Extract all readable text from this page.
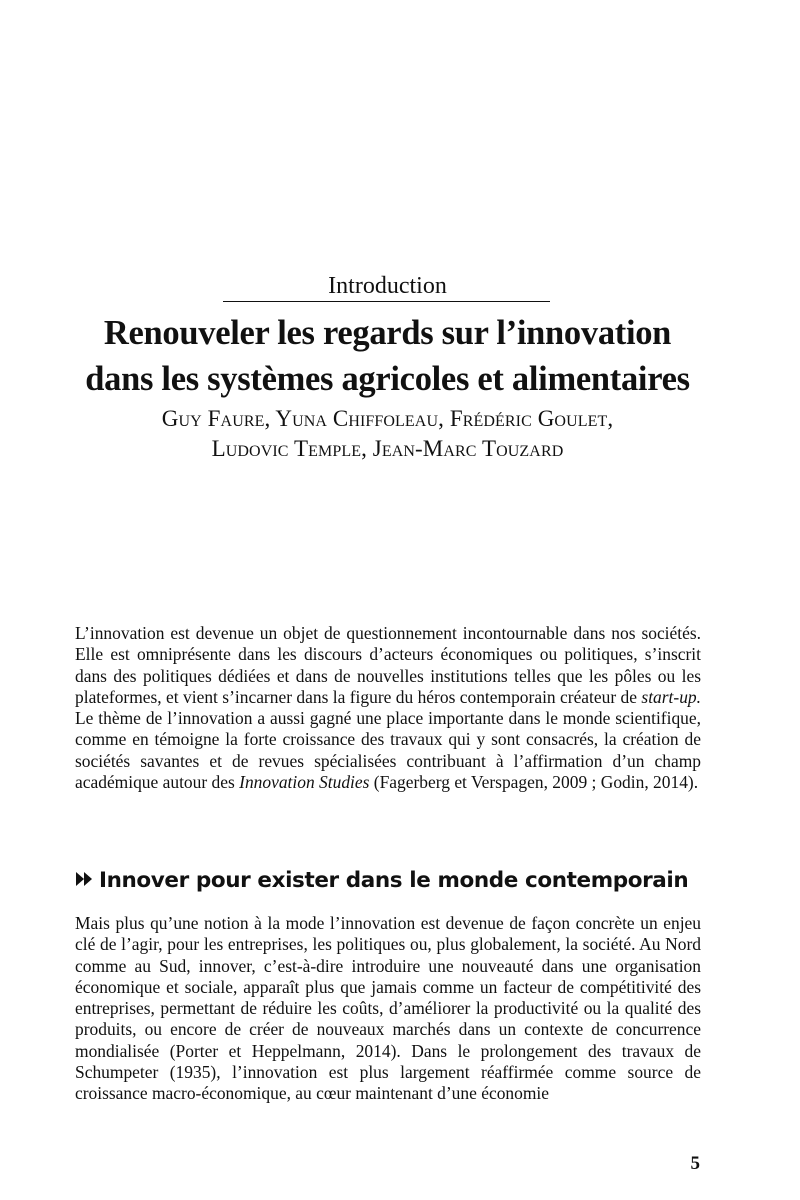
Introduction
Renouveler les regards sur l’innovation
dans les systèmes agricoles et alimentaires
Guy Faure, Yuna Chiffoleau, Frédéric Goulet,
Ludovic Temple, Jean-Marc Touzard

L’innovation est devenue un objet de questionnement incontournable dans nos sociétés. Elle est omniprésente dans les discours d’acteurs économiques ou politiques, s’inscrit dans des politiques dédiées et dans de nouvelles institutions telles que les pôles ou les plateformes, et vient s’incarner dans la figure du héros contemporain créateur de start-up. Le thème de l’innovation a aussi gagné une place importante dans le monde scientifique, comme en témoigne la forte croissance des travaux qui y sont consacrés, la création de sociétés savantes et de revues spécialisées contribuant à l’affirmation d’un champ académique autour des Innovation Studies (Fagerberg et Verspagen, 2009 ; Godin, 2014).

Innover pour exister dans le monde contemporain

Mais plus qu’une notion à la mode l’innovation est devenue de façon concrète un enjeu clé de l’agir, pour les entreprises, les politiques ou, plus globalement, la société. Au Nord comme au Sud, innover, c’est-à-dire introduire une nouveauté dans une organisation économique et sociale, apparaît plus que jamais comme un facteur de compétitivité des entreprises, permettant de réduire les coûts, d’améliorer la productivité ou la qualité des produits, ou encore de créer de nouveaux marchés dans un contexte de concurrence mondialisée (Porter et Heppelmann, 2014). Dans le prolongement des travaux de Schumpeter (1935), l’innovation est plus largement réaffirmée comme source de croissance macro-économique, au cœur maintenant d’une économie

5
